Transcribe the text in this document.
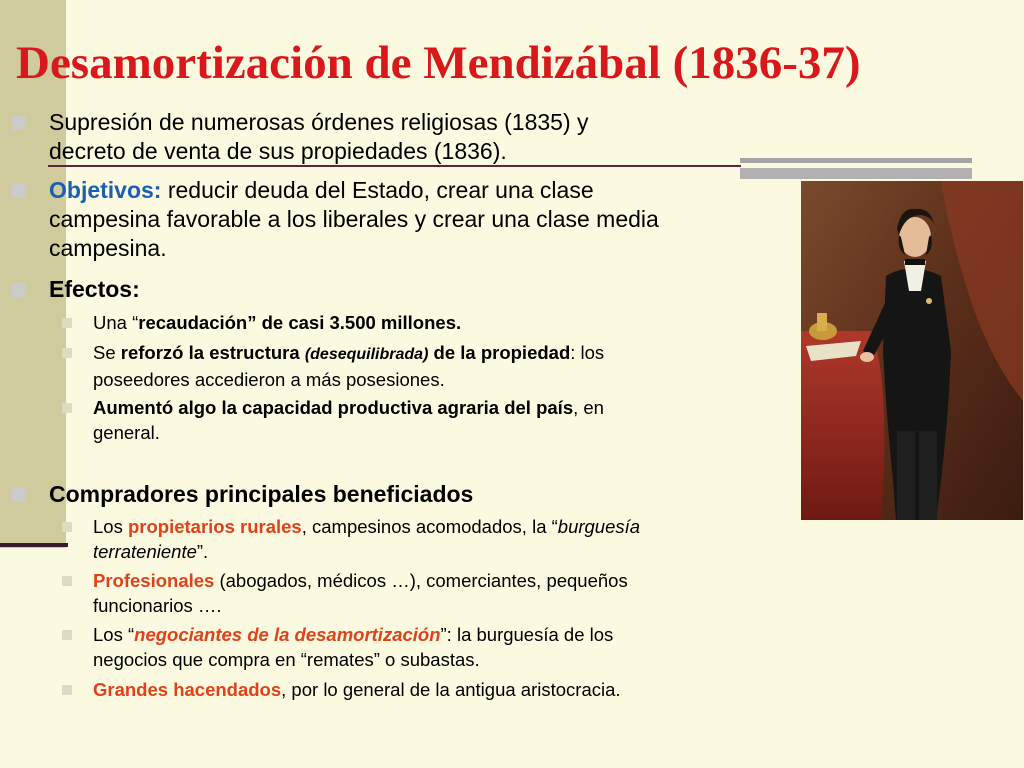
Desamortización de Mendizábal (1836-37)
Supresión de numerosas órdenes religiosas (1835) y
decreto de venta de sus propiedades (1836).
Objetivos: reducir deuda del Estado, crear una clase
campesina favorable a los liberales y crear una clase media
campesina.
Efectos:
Una “recaudación” de casi 3.500 millones.
Se reforzó la estructura (desequilibrada) de la propiedad: los
poseedores accedieron a más posesiones.
Aumentó algo la capacidad productiva agraria del país, en
general.
Compradores principales beneficiados
Los propietarios rurales, campesinos acomodados, la “burguesía
terrateniente”.
Profesionales (abogados, médicos …), comerciantes, pequeños
funcionarios ….
Los “negociantes de la desamortización”: la burguesía de los
negocios que compra en “remates” o subastas.
Grandes hacendados, por lo general de la antigua aristocracia.
